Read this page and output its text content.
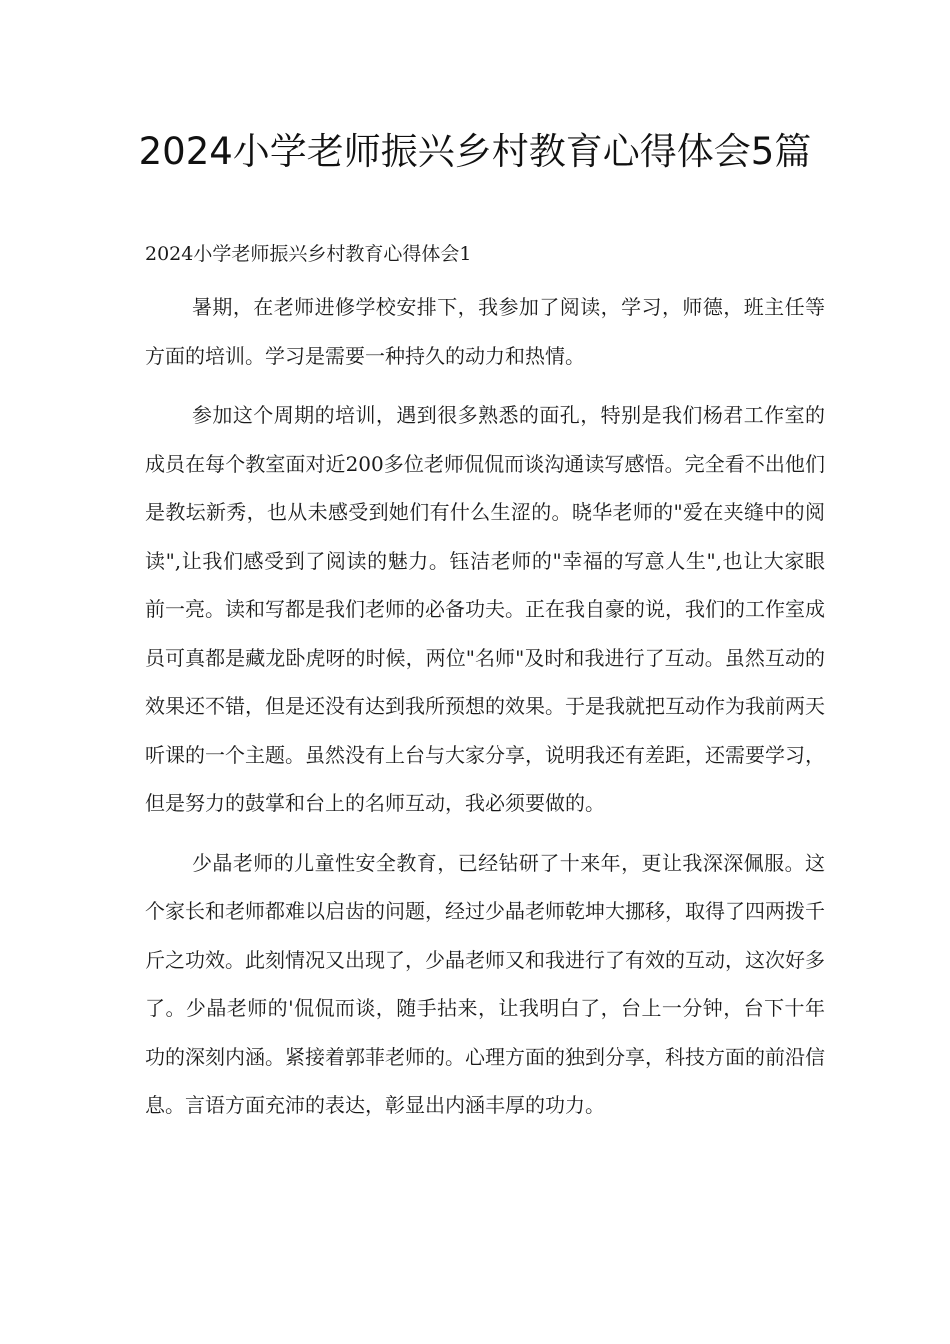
2024小学老师振兴乡村教育心得体会5篇

2024小学老师振兴乡村教育心得体会1

暑期，在老师进修学校安排下，我参加了阅读，学习，师德，班主任等方面的培训。学习是需要一种持久的动力和热情。

参加这个周期的培训，遇到很多熟悉的面孔，特别是我们杨君工作室的成员在每个教室面对近200多位老师侃侃而谈沟通读写感悟。完全看不出他们是教坛新秀，也从未感受到她们有什么生涩的。晓华老师的"爱在夹缝中的阅读",让我们感受到了阅读的魅力。钰洁老师的"幸福的写意人生",也让大家眼前一亮。读和写都是我们老师的必备功夫。正在我自豪的说，我们的工作室成员可真都是藏龙卧虎呀的时候，两位"名师"及时和我进行了互动。虽然互动的效果还不错，但是还没有达到我所预想的效果。于是我就把互动作为我前两天听课的一个主题。虽然没有上台与大家分享，说明我还有差距，还需要学习，但是努力的鼓掌和台上的名师互动，我必须要做的。

少晶老师的儿童性安全教育，已经钻研了十来年，更让我深深佩服。这个家长和老师都难以启齿的问题，经过少晶老师乾坤大挪移，取得了四两拨千斤之功效。此刻情况又出现了，少晶老师又和我进行了有效的互动，这次好多了。少晶老师的'侃侃而谈，随手拈来，让我明白了，台上一分钟，台下十年功的深刻内涵。紧接着郭菲老师的。心理方面的独到分享，科技方面的前沿信息。言语方面充沛的表达，彰显出内涵丰厚的功力。
